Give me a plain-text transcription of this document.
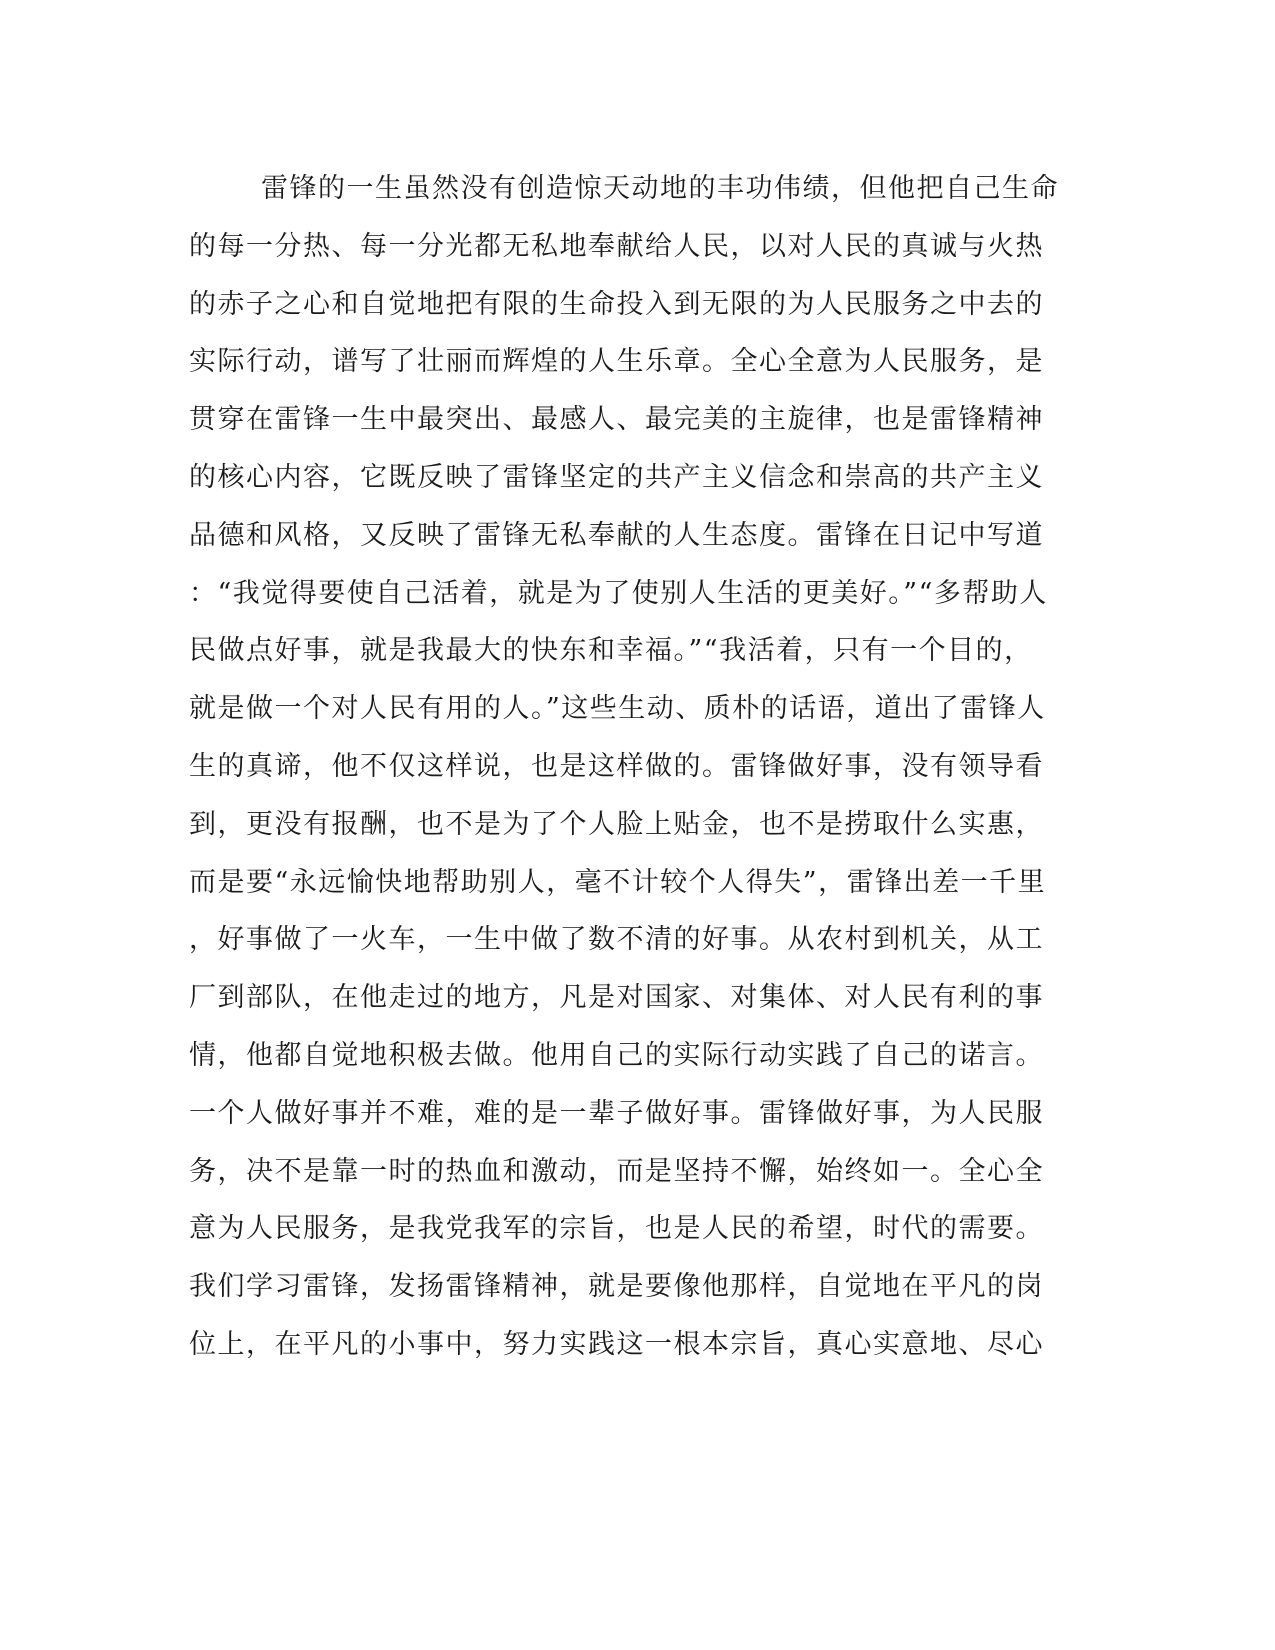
雷锋的一生虽然没有创造惊天动地的丰功伟绩，但他把自己生命
的每一分热、每一分光都无私地奉献给人民，以对人民的真诚与火热
的赤子之心和自觉地把有限的生命投入到无限的为人民服务之中去的
实际行动，谱写了壮丽而辉煌的人生乐章。全心全意为人民服务，是
贯穿在雷锋一生中最突出、最感人、最完美的主旋律，也是雷锋精神
的核心内容，它既反映了雷锋坚定的共产主义信念和崇高的共产主义
品德和风格，又反映了雷锋无私奉献的人生态度。雷锋在日记中写道
：“我觉得要使自己活着，就是为了使别人生活的更美好。”“多帮助人
民做点好事，就是我最大的快东和幸福。”“我活着，只有一个目的，
就是做一个对人民有用的人。”这些生动、质朴的话语，道出了雷锋人
生的真谛，他不仅这样说，也是这样做的。雷锋做好事，没有领导看
到，更没有报酬，也不是为了个人脸上贴金，也不是捞取什么实惠，
而是要“永远愉快地帮助别人，毫不计较个人得失”，雷锋出差一千里
，好事做了一火车，一生中做了数不清的好事。从农村到机关，从工
厂到部队，在他走过的地方，凡是对国家、对集体、对人民有利的事
情，他都自觉地积极去做。他用自己的实际行动实践了自己的诺言。
一个人做好事并不难，难的是一辈子做好事。雷锋做好事，为人民服
务，决不是靠一时的热血和激动，而是坚持不懈，始终如一。全心全
意为人民服务，是我党我军的宗旨，也是人民的希望，时代的需要。
我们学习雷锋，发扬雷锋精神，就是要像他那样，自觉地在平凡的岗
位上，在平凡的小事中，努力实践这一根本宗旨，真心实意地、尽心
